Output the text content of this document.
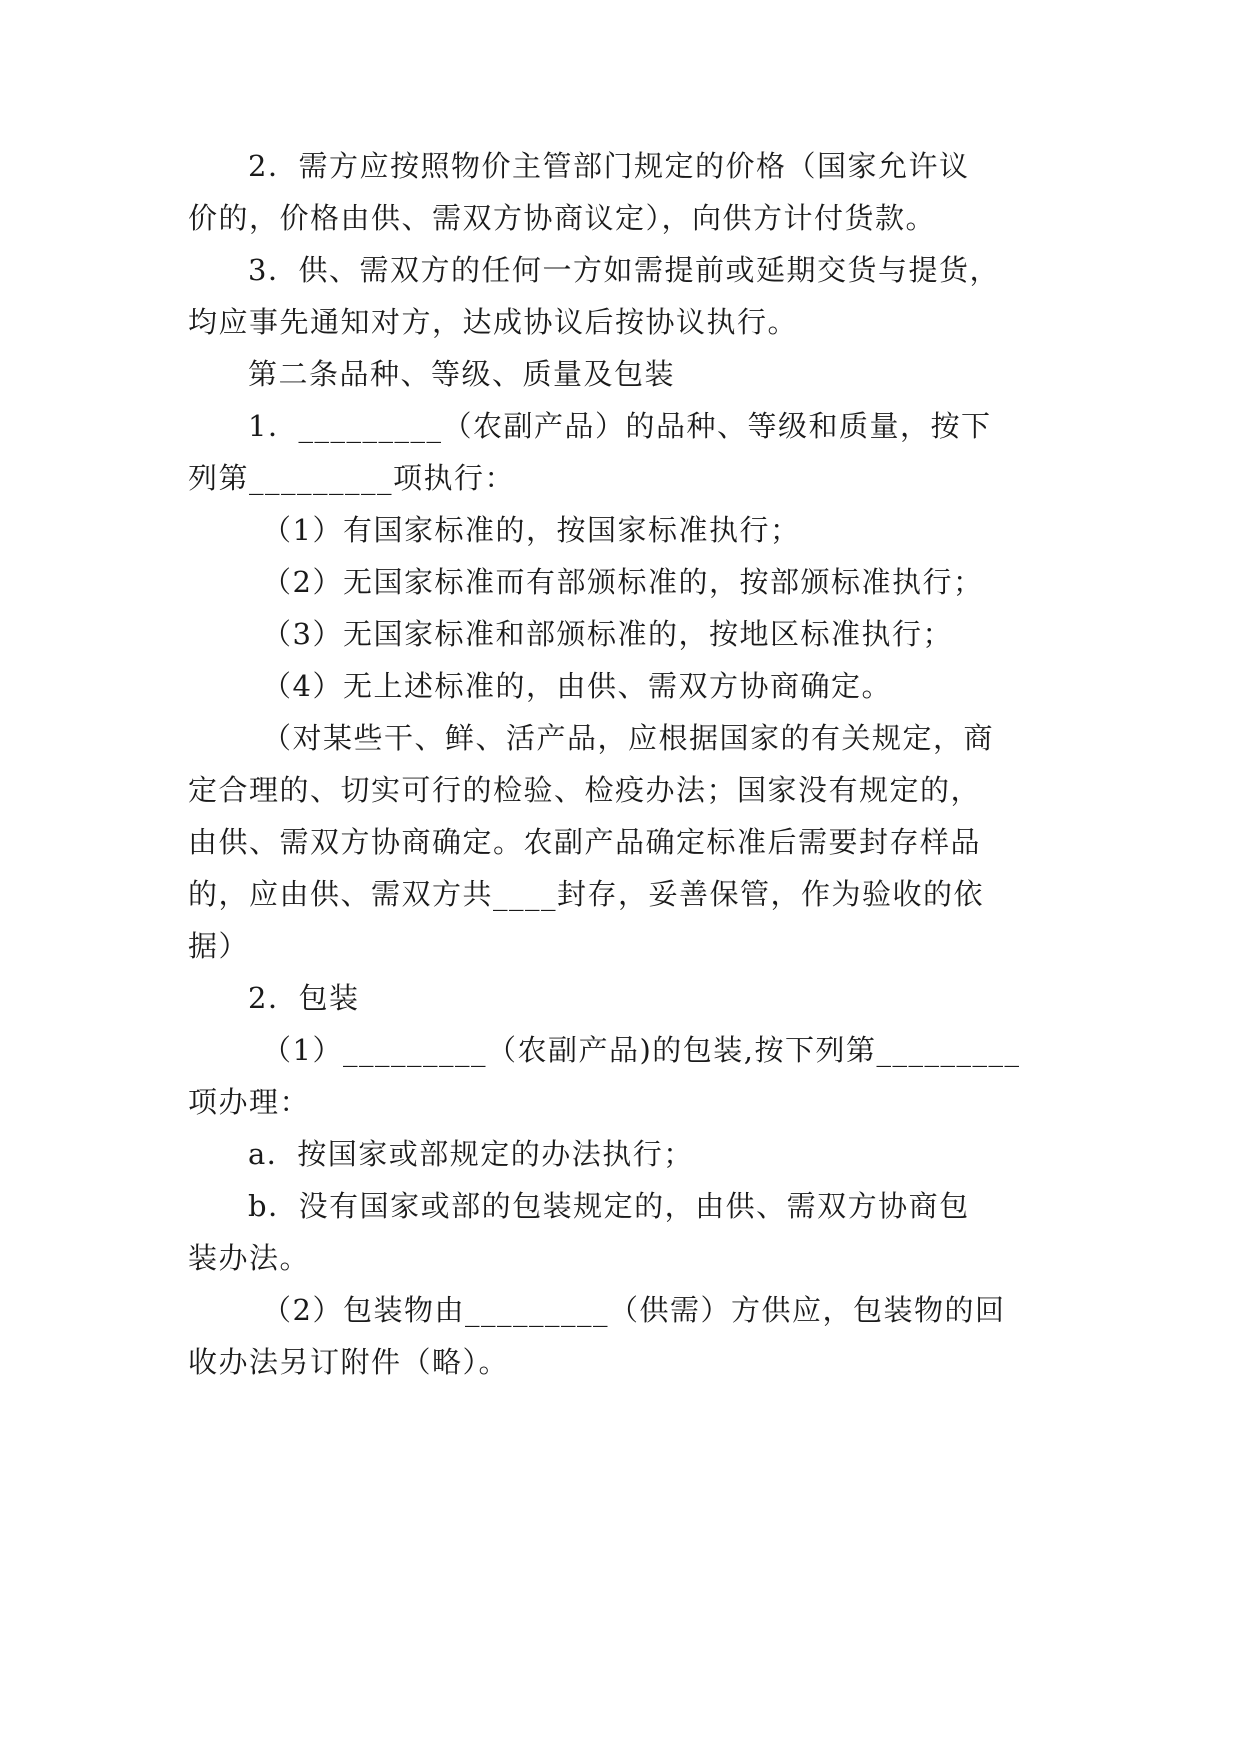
2．需方应按照物价主管部门规定的价格（国家允许议
价的，价格由供、需双方协商议定），向供方计付货款。
3．供、需双方的任何一方如需提前或延期交货与提货，
均应事先通知对方，达成协议后按协议执行。
第二条品种、等级、质量及包装
1．_________（农副产品）的品种、等级和质量，按下
列第_________项执行：
（1）有国家标准的，按国家标准执行；
（2）无国家标准而有部颁标准的，按部颁标准执行；
（3）无国家标准和部颁标准的，按地区标准执行；
（4）无上述标准的，由供、需双方协商确定。
（对某些干、鲜、活产品，应根据国家的有关规定，商
定合理的、切实可行的检验、检疫办法；国家没有规定的，
由供、需双方协商确定。农副产品确定标准后需要封存样品
的，应由供、需双方共____封存，妥善保管，作为验收的依
据）
2．包装
（1）_________（农副产品)的包装,按下列第_________
项办理：
a．按国家或部规定的办法执行；
b．没有国家或部的包装规定的，由供、需双方协商包
装办法。
（2）包装物由_________（供需）方供应，包装物的回
收办法另订附件（略）。
